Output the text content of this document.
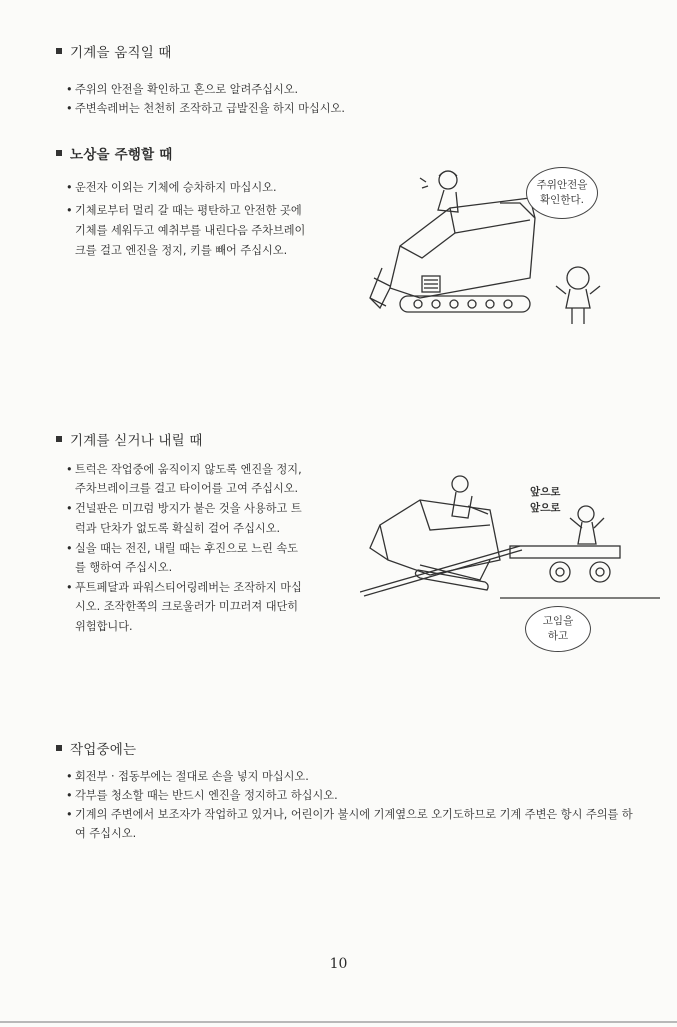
기계을 움직일 때
• 주위의 안전을 확인하고 혼으로 알려주십시오.
• 주변속레버는 천천히 조작하고 급발진을 하지 마십시오.
노상을 주행할 때
• 운전자 이외는 기체에 승차하지 마십시오.
• 기체로부터 멀리 갈 때는 평탄하고 안전한 곳에 기체를 세워두고 예취부를 내린다음 주차브레이크를 걸고 엔진을 정지, 키를 빼어 주십시오.
주위안전을
확인한다.
기계를 싣거나 내릴 때
• 트럭은 작업중에 움직이지 않도록 엔진을 정지, 주차브레이크를 걸고 타이어를 고여 주십시오.
• 건널판은 미끄럼 방지가 붙은 것을 사용하고 트럭과 단차가 없도록 확실히 걸어 주십시오.
• 실을 때는 전진, 내릴 때는 후진으로 느린 속도 를 행하여 주십시오.
• 푸트페달과 파워스티어링레버는 조작하지 마십 시오. 조작한쪽의 크로울러가 미끄러져 대단히 위험합니다.
앞으로
앞으로
고임을
하고
작업중에는
• 회전부 · 접동부에는 절대로 손을 넣지 마십시오.
• 각부를 청소할 때는 반드시 엔진을 정지하고 하십시오.
• 기계의 주변에서 보조자가 작업하고 있거나, 어린이가 불시에 기계옆으로 오기도하므로 기계 주변은 항시 주의를 하여 주십시오.
10
